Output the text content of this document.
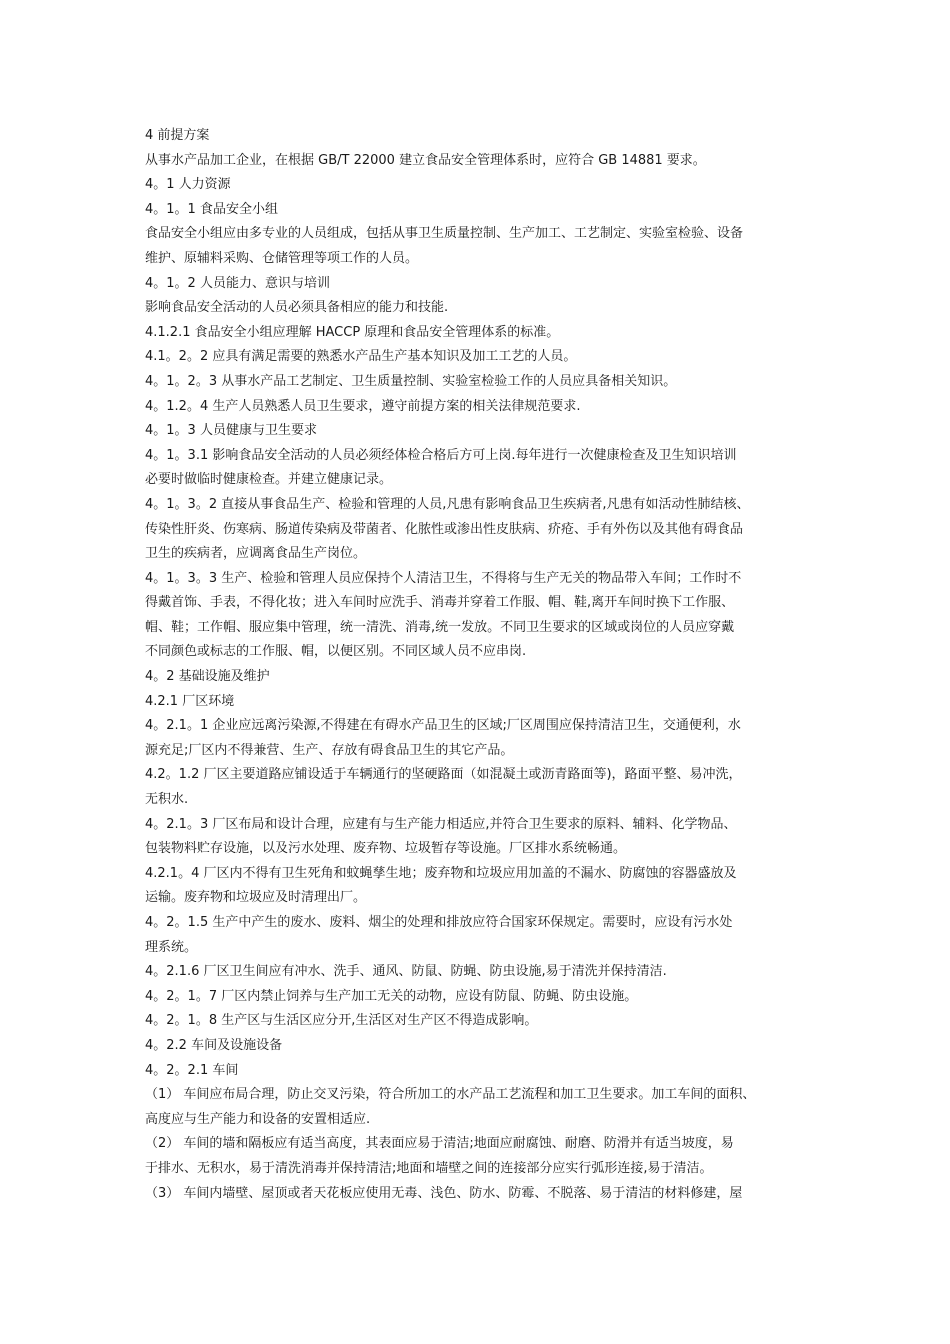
4 前提方案
从事水产品加工企业，在根据 GB/T 22000 建立食品安全管理体系时，应符合 GB 14881 要求。
4。1 人力资源
4。1。1 食品安全小组
食品安全小组应由多专业的人员组成，包括从事卫生质量控制、生产加工、工艺制定、实验室检验、设备
维护、原辅料采购、仓储管理等项工作的人员。
4。1。2 人员能力、意识与培训
影响食品安全活动的人员必须具备相应的能力和技能.
4.1.2.1 食品安全小组应理解 HACCP 原理和食品安全管理体系的标准。
4.1。2。2 应具有满足需要的熟悉水产品生产基本知识及加工工艺的人员。
4。1。2。3 从事水产品工艺制定、卫生质量控制、实验室检验工作的人员应具备相关知识。
4。1.2。4 生产人员熟悉人员卫生要求，遵守前提方案的相关法律规范要求.
4。1。3 人员健康与卫生要求
4。1。3.1 影响食品安全活动的人员必须经体检合格后方可上岗.每年进行一次健康检查及卫生知识培训
必要时做临时健康检查。并建立健康记录。
4。1。3。2 直接从事食品生产、检验和管理的人员,凡患有影响食品卫生疾病者,凡患有如活动性肺结核、
传染性肝炎、伤寒病、肠道传染病及带菌者、化脓性或渗出性皮肤病、疥疮、手有外伤以及其他有碍食品
卫生的疾病者，应调离食品生产岗位。
4。1。3。3 生产、检验和管理人员应保持个人清洁卫生，不得将与生产无关的物品带入车间；工作时不
得戴首饰、手表，不得化妆；进入车间时应洗手、消毒并穿着工作服、帽、鞋,离开车间时换下工作服、
帽、鞋；工作帽、服应集中管理，统一清洗、消毒,统一发放。不同卫生要求的区域或岗位的人员应穿戴
不同颜色或标志的工作服、帽，以便区别。不同区域人员不应串岗.
4。2 基础设施及维护
4.2.1 厂区环境
4。2.1。1 企业应远离污染源,不得建在有碍水产品卫生的区域;厂区周围应保持清洁卫生，交通便利，水
源充足;厂区内不得兼营、生产、存放有碍食品卫生的其它产品。
4.2。1.2 厂区主要道路应铺设适于车辆通行的坚硬路面（如混凝土或沥青路面等)，路面平整、易冲洗，
无积水.
4。2.1。3 厂区布局和设计合理，应建有与生产能力相适应,并符合卫生要求的原料、辅料、化学物品、
包装物料贮存设施，以及污水处理、废弃物、垃圾暂存等设施。厂区排水系统畅通。
4.2.1。4 厂区内不得有卫生死角和蚊蝇孳生地；废弃物和垃圾应用加盖的不漏水、防腐蚀的容器盛放及
运输。废弃物和垃圾应及时清理出厂。
4。2。1.5 生产中产生的废水、废料、烟尘的处理和排放应符合国家环保规定。需要时，应设有污水处
理系统。
4。2.1.6 厂区卫生间应有冲水、洗手、通风、防鼠、防蝇、防虫设施,易于清洗并保持清洁.
4。2。1。7 厂区内禁止饲养与生产加工无关的动物，应设有防鼠、防蝇、防虫设施。
4。2。1。8 生产区与生活区应分开,生活区对生产区不得造成影响。
4。2.2 车间及设施设备
4。2。2.1 车间
（1） 车间应布局合理，防止交叉污染，符合所加工的水产品工艺流程和加工卫生要求。加工车间的面积、
高度应与生产能力和设备的安置相适应.
（2） 车间的墙和隔板应有适当高度，其表面应易于清洁;地面应耐腐蚀、耐磨、防滑并有适当坡度，易
于排水、无积水，易于清洗消毒并保持清洁;地面和墙壁之间的连接部分应实行弧形连接,易于清洁。
（3） 车间内墙壁、屋顶或者天花板应使用无毒、浅色、防水、防霉、不脱落、易于清洁的材料修建，屋
